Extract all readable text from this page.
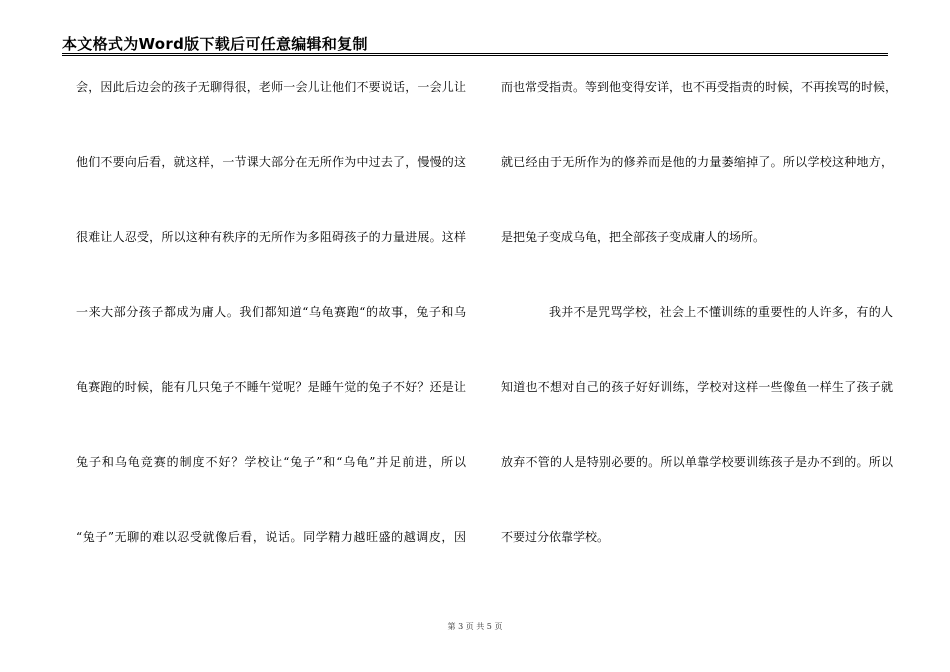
本文格式为Word版下载后可任意编辑和复制
会，因此后边会的孩子无聊得很，老师一会儿让他们不要说话，一会儿让
他们不要向后看，就这样，一节课大部分在无所作为中过去了，慢慢的这
很难让人忍受，所以这种有秩序的无所作为多阻碍孩子的力量进展。这样
一来大部分孩子都成为庸人。我们都知道“乌龟赛跑“的故事，兔子和乌
龟赛跑的时候，能有几只兔子不睡午觉呢？是睡午觉的兔子不好？还是让
兔子和乌龟竞赛的制度不好？学校让“兔子”和“乌龟”并足前进，所以
“兔子”无聊的难以忍受就像后看，说话。同学精力越旺盛的越调皮，因
而也常受指责。等到他变得安详，也不再受指责的时候，不再挨骂的时候，
就已经由于无所作为的修养而是他的力量萎缩掉了。所以学校这种地方，
是把兔子变成乌龟，把全部孩子变成庸人的场所。
我并不是咒骂学校，社会上不懂训练的重要性的人许多，有的人
知道也不想对自己的孩子好好训练，学校对这样一些像鱼一样生了孩子就
放弃不管的人是特别必要的。所以单靠学校要训练孩子是办不到的。所以
不要过分依靠学校。
第 3 页 共 5 页
